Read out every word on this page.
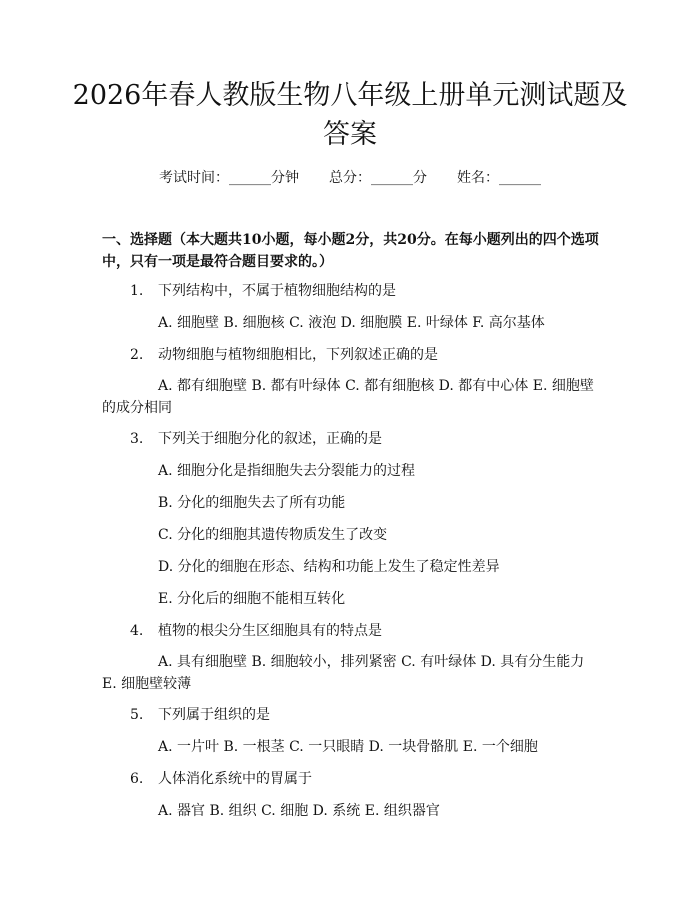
2026年春人教版生物八年级上册单元测试题及答案
考试时间：______分钟 总分：______分 姓名：______

一、选择题（本大题共10小题，每小题2分，共20分。在每小题列出的四个选项中，只有一项是最符合题目要求的。）

1. 下列结构中，不属于植物细胞结构的是
A. 细胞壁 B. 细胞核 C. 液泡 D. 细胞膜 E. 叶绿体 F. 高尔基体
2. 动物细胞与植物细胞相比，下列叙述正确的是
A. 都有细胞壁 B. 都有叶绿体 C. 都有细胞核 D. 都有中心体 E. 细胞壁的成分相同
3. 下列关于细胞分化的叙述，正确的是
A. 细胞分化是指细胞失去分裂能力的过程
B. 分化的细胞失去了所有功能
C. 分化的细胞其遗传物质发生了改变
D. 分化的细胞在形态、结构和功能上发生了稳定性差异
E. 分化后的细胞不能相互转化
4. 植物的根尖分生区细胞具有的特点是
A. 具有细胞壁 B. 细胞较小，排列紧密 C. 有叶绿体 D. 具有分生能力 E. 细胞壁较薄
5. 下列属于组织的是
A. 一片叶 B. 一根茎 C. 一只眼睛 D. 一块骨骼肌 E. 一个细胞
6. 人体消化系统中的胃属于
A. 器官 B. 组织 C. 细胞 D. 系统 E. 组织器官
